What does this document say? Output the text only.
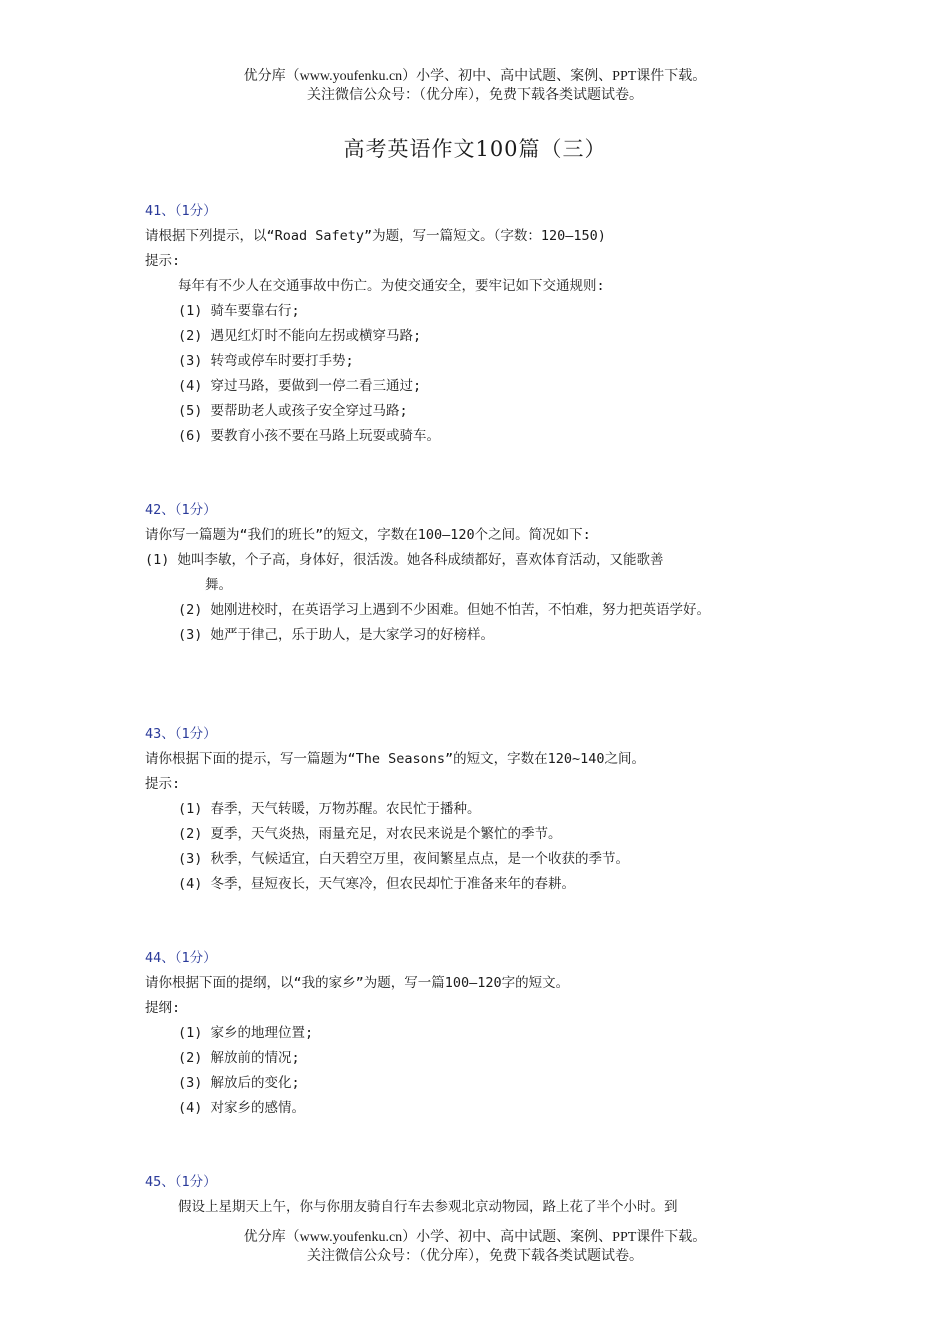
优分库（www.youfenku.cn）小学、初中、高中试题、案例、PPT课件下载。
关注微信公众号：（优分库），免费下载各类试题试卷。
高考英语作文100篇（三）

41、（1分）

请根据下列提示，以“Road Safety”为题，写一篇短文。（字数：120—150)

提示:

每年有不少人在交通事故中伤亡。为使交通安全，要牢记如下交通规则:

(1) 骑车要靠右行;

(2) 遇见红灯时不能向左拐或横穿马路;

(3) 转弯或停车时要打手势;

(4) 穿过马路，要做到一停二看三通过;

(5) 要帮助老人或孩子安全穿过马路;

(6) 要教育小孩不要在马路上玩耍或骑车。

42、（1分）

请你写一篇题为“我们的班长”的短文，字数在100—120个之间。简况如下:

(1) 她叫李敏，个子高，身体好，很活泼。她各科成绩都好，喜欢体育活动，又能歌善

舞。

(2) 她刚进校时，在英语学习上遇到不少困难。但她不怕苦，不怕难，努力把英语学好。

(3) 她严于律己，乐于助人，是大家学习的好榜样。

43、（1分）

请你根据下面的提示，写一篇题为“The Seasons”的短文，字数在120~140之间。

提示:

(1) 春季，天气转暖，万物苏醒。农民忙于播种。

(2) 夏季，天气炎热，雨量充足，对农民来说是个繁忙的季节。

(3) 秋季，气候适宜，白天碧空万里，夜间繁星点点，是一个收获的季节。

(4) 冬季，昼短夜长，天气寒冷，但农民却忙于准备来年的春耕。

44、（1分）

请你根据下面的提纲，以“我的家乡”为题，写一篇100—120字的短文。

提纲:

(1) 家乡的地理位置;

(2) 解放前的情况;

(3) 解放后的变化;

(4) 对家乡的感情。

45、（1分）

假设上星期天上午，你与你朋友骑自行车去参观北京动物园，路上花了半个小时。到

优分库（www.youfenku.cn）小学、初中、高中试题、案例、PPT课件下载。
关注微信公众号：（优分库），免费下载各类试题试卷。
